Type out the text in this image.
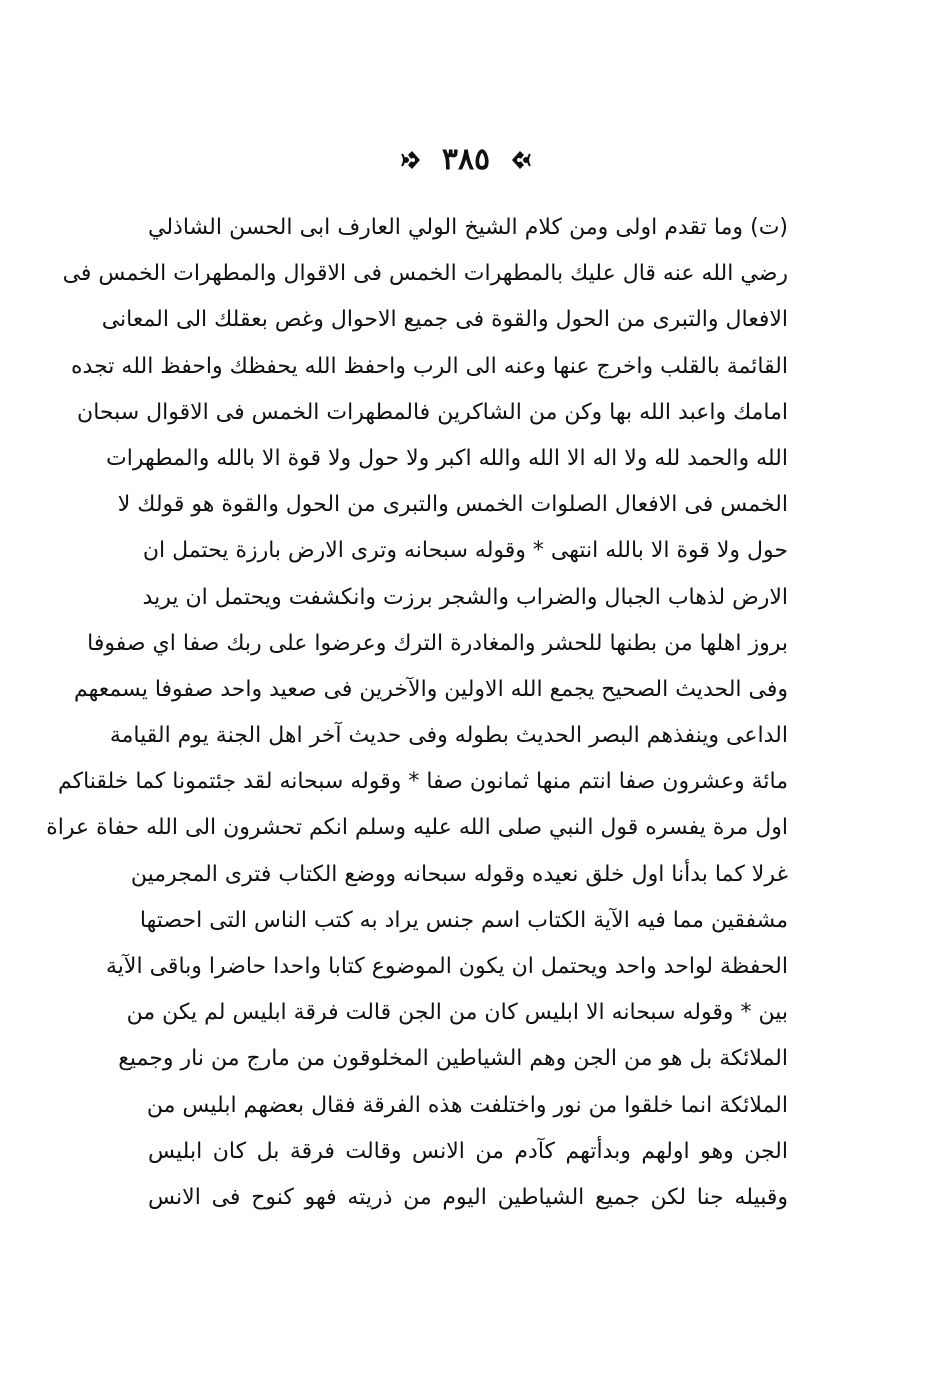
٣٨٥
(ت) وما تقدم اولى ومن كلام الشيخ الولي العارف ابى الحسن الشاذلي
رضي الله عنه قال عليك بالمطهرات الخمس فى الاقوال والمطهرات الخمس فى
الافعال والتبرى من الحول والقوة فى جميع الاحوال وغص بعقلك الى المعانى
القائمة بالقلب واخرج عنها وعنه الى الرب واحفظ الله يحفظك واحفظ الله تجده
امامك واعبد الله بها وكن من الشاكرين فالمطهرات الخمس فى الاقوال سبحان
الله والحمد لله ولا اله الا الله والله اكبر ولا حول ولا قوة الا بالله والمطهرات
الخمس فى الافعال الصلوات الخمس والتبرى من الحول والقوة هو قولك لا
حول ولا قوة الا بالله انتهى * وقوله سبحانه وترى الارض بارزة يحتمل ان
الارض لذهاب الجبال والضراب والشجر برزت وانكشفت ويحتمل ان يريد
بروز اهلها من بطنها للحشر والمغادرة الترك وعرضوا على ربك صفا اي صفوفا
وفى الحديث الصحيح يجمع الله الاولين والآخرين فى صعيد واحد صفوفا يسمعهم
الداعى وينفذهم البصر الحديث بطوله وفى حديث آخر اهل الجنة يوم القيامة
مائة وعشرون صفا انتم منها ثمانون صفا * وقوله سبحانه لقد جئتمونا كما خلقناكم
اول مرة يفسره قول النبي صلى الله عليه وسلم انكم تحشرون الى الله حفاة عراة
غرلا كما بدأنا اول خلق نعيده وقوله سبحانه ووضع الكتاب فترى المجرمين
مشفقين مما فيه الآية الكتاب اسم جنس يراد به كتب الناس التى احصتها
الحفظة لواحد واحد ويحتمل ان يكون الموضوع كتابا واحدا حاضرا وباقى الآية
بين * وقوله سبحانه الا ابليس كان من الجن قالت فرقة ابليس لم يكن من
الملائكة بل هو من الجن وهم الشياطين المخلوقون من مارج من نار وجميع
الملائكة انما خلقوا من نور واختلفت هذه الفرقة فقال بعضهم ابليس من
الجن وهو اولهم وبدأتهم كآدم من الانس وقالت فرقة بل كان ابليس
وقبيله جنا لكن جميع الشياطين اليوم من ذريته فهو كنوح فى الانس
